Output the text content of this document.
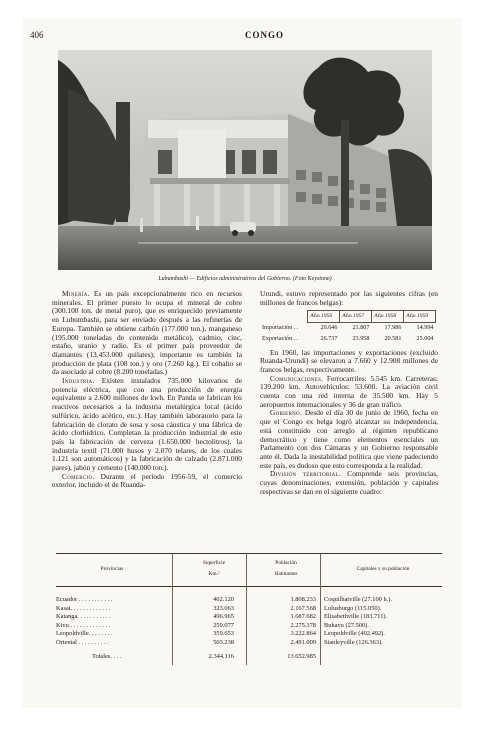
406	CONGO
Lubumbashi — Edificios administrativos del Gobierno. (Foto Keystone)

Minería. Es un país excepcionalmente rico en recursos minerales. El primer puesto lo ocupa el mineral de cobre (300.100 ton. de metal puro), que es enriquecido previamente en Lubumbashi, para ser enviado después a las refinerías de Europa. También se obtiene carbón (177.000 ton.), manganeso (195.000 toneladas de contenido metálico), cadmio, cinc, estaño, uranio y radio. Es el primer país proveedor de diamantes (13.453.000 quilates); importante es también la producción de plata (108 ton.) y oro (7.260 kg.). El cobalto se da asociado al cobre (8.200 toneladas.)

Industria. Existen instalados 735.000 kilovatios de potencia eléctrica, que con una producción de energía equivalente a 2.600 millones de kwh. En Panda se fabrican los reactivos necesarios a la industria metalúrgica local (ácido sulfúrico, ácido acético, etc.). Hay también laboratorio para la fabricación de clorato de sosa y sosa cáustica y una fábrica de ácido clorhídrico. Completan la producción industrial de este país la fabricación de cerveza (1.650.000 hectolitros), la industria textil (71.000 husos y 2.070 telares, de los cuales 1.121 son automáticos) y la fabricación de calzado (2.871.000 pares), jabón y cemento (140.000 ton.).

Comercio. Durante el período 1956-59, el comercio exterior, incluido el de Ruanda-

Urundi, estuvo representado por las siguientes cifras (en millones de francos belgas):

	Año 1956	Año 1957	Año 1958	Año 1959
Importación . .	20.646	21.807	17.986	14.994
Exportación . .	26.737	23.958	20.581	25.004

En 1960, las importaciones y exportaciones (excluido Ruanda-Urundi) se elevaron a 7.660 y 12.908 millones de francos belgas, respectivamente.

Comunicaciones. Ferrocarriles: 5.545 km. Carreteras: 139.200 km. Autovehículos: 53.600. La aviación civil cuenta con una red interna de 35.500 km. Hay 5 aeropuertos internacionales y 36 de gran tráfico.

Gobierno. Desde el día 30 de junio de 1960, fecha en que el Congo ex belga logró alcanzar su independencia, está constituido con arreglo al régimen republicano democrático y tiene como elementos esenciales un Parlamento con dos Cámaras y un Gobierno responsable ante él. Dada la inestabilidad política que viene padeciendo este país, es dudoso que esto corresponda a la realidad.

División territorial. Comprende seis provincias, cuyas denominaciones, extensión, población y capitales respectivas se dan en el siguiente cuadro:

Provincias
Superficie
Km.²
Población
Habitantes
Capitales y su población
Ecuador . . . . . . . . . . .	402.120	1.808.233 Coquilhatville (27.100 h.).
Kasai. . . . . . . . . . . . .	323.063	2.167.568 Lulusburgo (115.050).
Katanga. . . . . . . . . . .	496.965	1.687.682 Elisabethville (183.711).
Kivu . . . . . . . . . . . . .	259.077	2.275.378 Bukavu (27.500).
Leopoldville. . . . . . . .	359.653	3.222.864 Leopoldville (402.492).
Oriental . . . . . . . . . .	503.238	2.491.009 Stanleyville (126.363).
Totales. . . .	2.344.116	13.652.985
